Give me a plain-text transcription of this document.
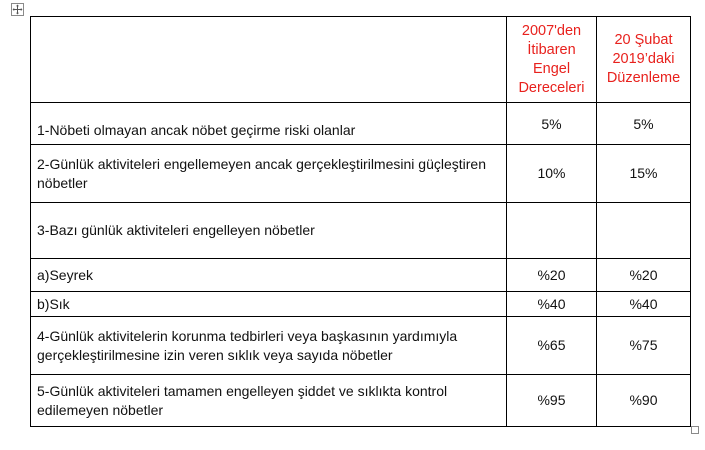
	2007'den İtibaren Engel Dereceleri	20 Şubat 2019’daki Düzenleme
1-Nöbeti olmayan ancak nöbet geçirme riski olanlar	5%	5%
2-Günlük aktiviteleri engellemeyen ancak gerçekleştirilmesini güçleştiren nöbetler	10%	15%
3-Bazı günlük aktiviteleri engelleyen nöbetler		
a)Seyrek	%20	%20
b)Sık	%40	%40
4-Günlük aktivitelerin korunma tedbirleri veya başkasının yardımıyla gerçekleştirilmesine izin veren sıklık veya sayıda nöbetler	%65	%75
5-Günlük aktiviteleri tamamen engelleyen şiddet ve sıklıkta kontrol edilemeyen nöbetler	%95	%90
